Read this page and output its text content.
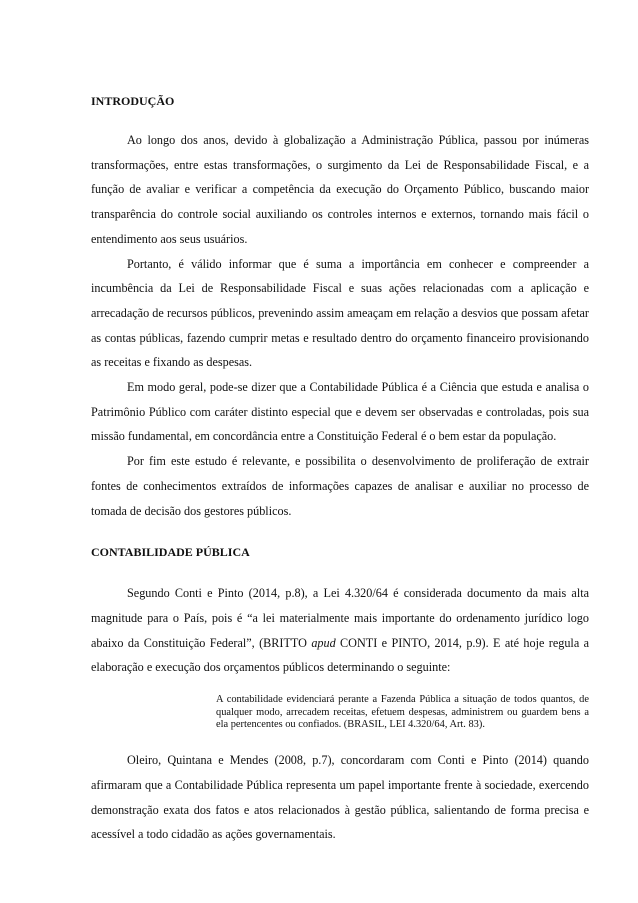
INTRODUÇÃO

Ao longo dos anos, devido à globalização a Administração Pública, passou por inúmeras transformações, entre estas transformações, o surgimento da Lei de Responsabilidade Fiscal, e a função de avaliar e verificar a competência da execução do Orçamento Público, buscando maior transparência do controle social auxiliando os controles internos e externos, tornando mais fácil o entendimento aos seus usuários.

Portanto, é válido informar que é suma a importância em conhecer e compreender a incumbência da Lei de Responsabilidade Fiscal e suas ações relacionadas com a aplicação e arrecadação de recursos públicos, prevenindo assim ameaçam em relação a desvios que possam afetar as contas públicas, fazendo cumprir metas e resultado dentro do orçamento financeiro provisionando as receitas e fixando as despesas.

Em modo geral, pode-se dizer que a Contabilidade Pública é a Ciência que estuda e analisa o Patrimônio Público com caráter distinto especial que e devem ser observadas e controladas, pois sua missão fundamental, em concordância entre a Constituição Federal é o bem estar da população.

Por fim este estudo é relevante, e possibilita o desenvolvimento de proliferação de extrair fontes de conhecimentos extraídos de informações capazes de analisar e auxiliar no processo de tomada de decisão dos gestores públicos.

CONTABILIDADE PÚBLICA

Segundo Conti e Pinto (2014, p.8), a Lei 4.320/64 é considerada documento da mais alta magnitude para o País, pois é “a lei materialmente mais importante do ordenamento jurídico logo abaixo da Constituição Federal”, (BRITTO apud CONTI e PINTO, 2014, p.9). E até hoje regula a elaboração e execução dos orçamentos públicos determinando o seguinte:

A contabilidade evidenciará perante a Fazenda Pública a situação de todos quantos, de qualquer modo, arrecadem receitas, efetuem despesas, administrem ou guardem bens a ela pertencentes ou confiados. (BRASIL, LEI 4.320/64, Art. 83).

Oleiro, Quintana e Mendes (2008, p.7), concordaram com Conti e Pinto (2014) quando afirmaram que a Contabilidade Pública representa um papel importante frente à sociedade, exercendo demonstração exata dos fatos e atos relacionados à gestão pública, salientando de forma precisa e acessível a todo cidadão as ações governamentais.
